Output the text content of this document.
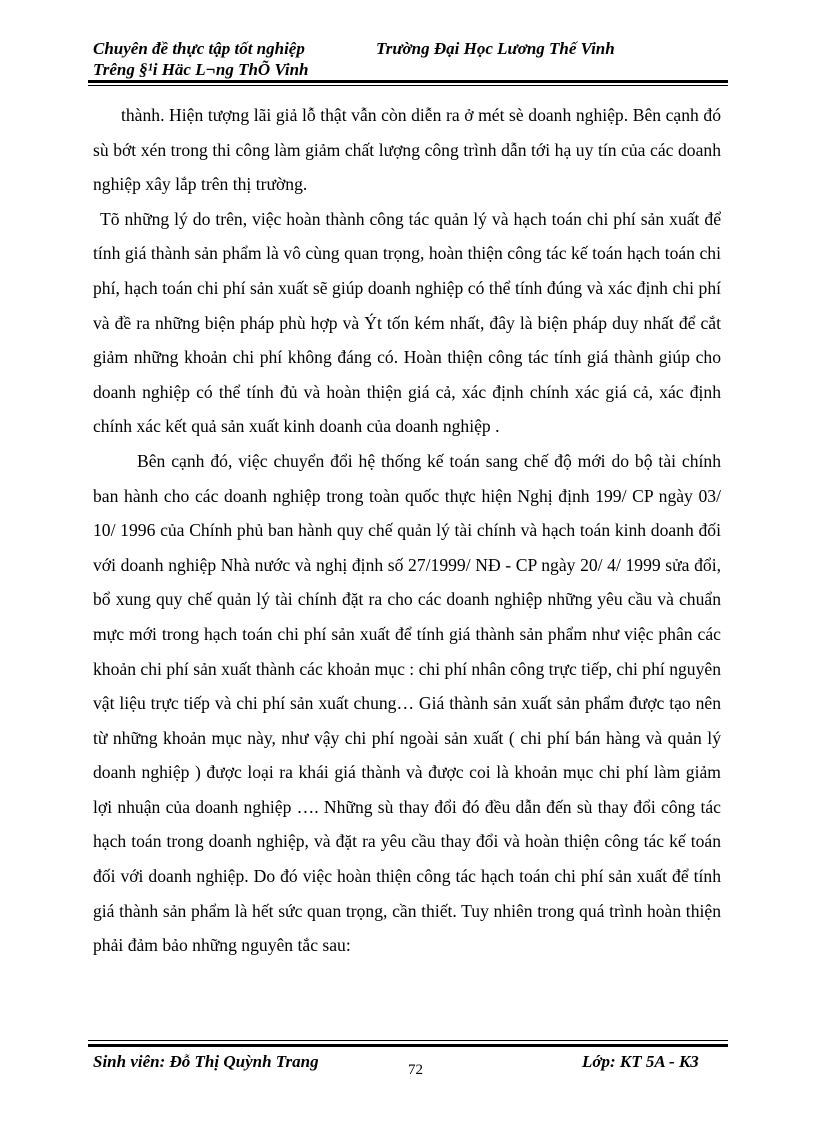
Chuyên đề thực tập tốt nghiệp	Trường Đại Học Lương Thế Vinh
Trêng §¹i Häc L¬ng ThÕ Vinh

thành. Hiện tượng lãi giả lỗ thật vẫn còn diễn ra ở mét sè doanh nghiệp. Bên cạnh đó sù bớt xén trong thi công làm giảm chất lượng công trình dẫn tới hạ uy tín của các doanh nghiệp xây lắp trên thị trường.

Tõ những lý do trên, việc hoàn thành công tác quản lý và hạch toán chi phí sản xuất để tính giá thành sản phẩm là vô cùng quan trọng, hoàn thiện công tác kế toán hạch toán chi phí, hạch toán chi phí sản xuất sẽ giúp doanh nghiệp có thể tính đúng và xác định chi phí và đề ra những biện pháp phù hợp và Ýt tốn kém nhất, đây là biện pháp duy nhất để cắt giảm những khoản chi phí không đáng có. Hoàn thiện công tác tính giá thành giúp cho doanh nghiệp có thể tính đủ và hoàn thiện giá cả, xác định chính xác giá cả, xác định chính xác kết quả sản xuất kinh doanh của doanh nghiệp .

Bên cạnh đó, việc chuyển đổi hệ thống kế toán sang chế độ mới do bộ tài chính ban hành cho các doanh nghiệp trong toàn quốc thực hiện Nghị định 199/ CP ngày 03/ 10/ 1996 của Chính phủ ban hành quy chế quản lý tài chính và hạch toán kinh doanh đối với doanh nghiệp Nhà nước và nghị định số 27/1999/ NĐ - CP ngày 20/ 4/ 1999 sửa đổi, bổ xung quy chế quản lý tài chính đặt ra cho các doanh nghiệp những yêu cầu và chuẩn mực mới trong hạch toán chi phí sản xuất để tính giá thành sản phẩm như việc phân các khoản chi phí sản xuất thành các khoản mục : chi phí nhân công trực tiếp, chi phí nguyên vật liệu trực tiếp và chi phí sản xuất chung… Giá thành sản xuất sản phẩm được tạo nên từ những khoản mục này, như vậy chi phí ngoài sản xuất ( chi phí bán hàng và quản lý doanh nghiệp ) được loại ra khái giá thành và được coi là khoản mục chi phí làm giảm lợi nhuận của doanh nghiệp …. Những sù thay đổi đó đều dẫn đến sù thay đổi công tác hạch toán trong doanh nghiệp, và đặt ra yêu cầu thay đổi và hoàn thiện công tác kế toán đối với doanh nghiệp. Do đó việc hoàn thiện công tác hạch toán chi phí sản xuất để tính giá thành sản phẩm là hết sức quan trọng, cần thiết. Tuy nhiên trong quá trình hoàn thiện phải đảm bảo những nguyên tắc sau:

Sinh viên: Đỗ Thị Quỳnh Trang	72	Lớp: KT 5A - K3
